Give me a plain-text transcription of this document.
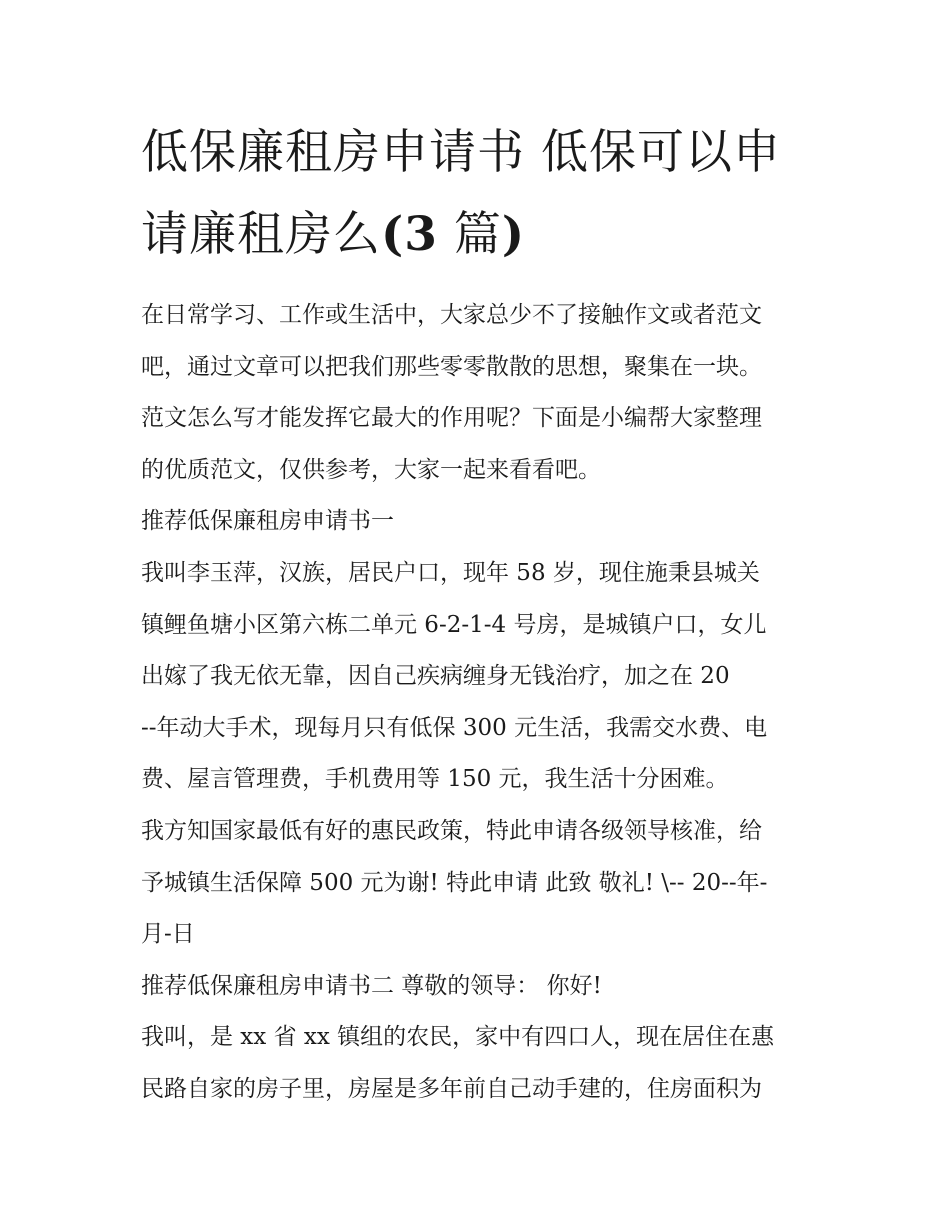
低保廉租房申请书 低保可以申
请廉租房么(3 篇)

在日常学习、工作或生活中，大家总少不了接触作文或者范文

吧，通过文章可以把我们那些零零散散的思想，聚集在一块。

范文怎么写才能发挥它最大的作用呢？下面是小编帮大家整理

的优质范文，仅供参考，大家一起来看看吧。

推荐低保廉租房申请书一

我叫李玉萍，汉族，居民户口，现年 58 岁，现住施秉县城关

镇鲤鱼塘小区第六栋二单元 6-2-1-4 号房，是城镇户口，女儿

出嫁了我无依无靠，因自己疾病缠身无钱治疗，加之在 20

--年动大手术，现每月只有低保 300 元生活，我需交水费、电

费、屋言管理费，手机费用等 150 元，我生活十分困难。

我方知国家最低有好的惠民政策，特此申请各级领导核准，给

予城镇生活保障 500 元为谢! 特此申请 此致 敬礼! \-- 20--年-

月-日

推荐低保廉租房申请书二 尊敬的领导： 你好!

我叫，是 xx 省 xx 镇组的农民，家中有四口人，现在居住在惠

民路自家的房子里，房屋是多年前自己动手建的，住房面积为
